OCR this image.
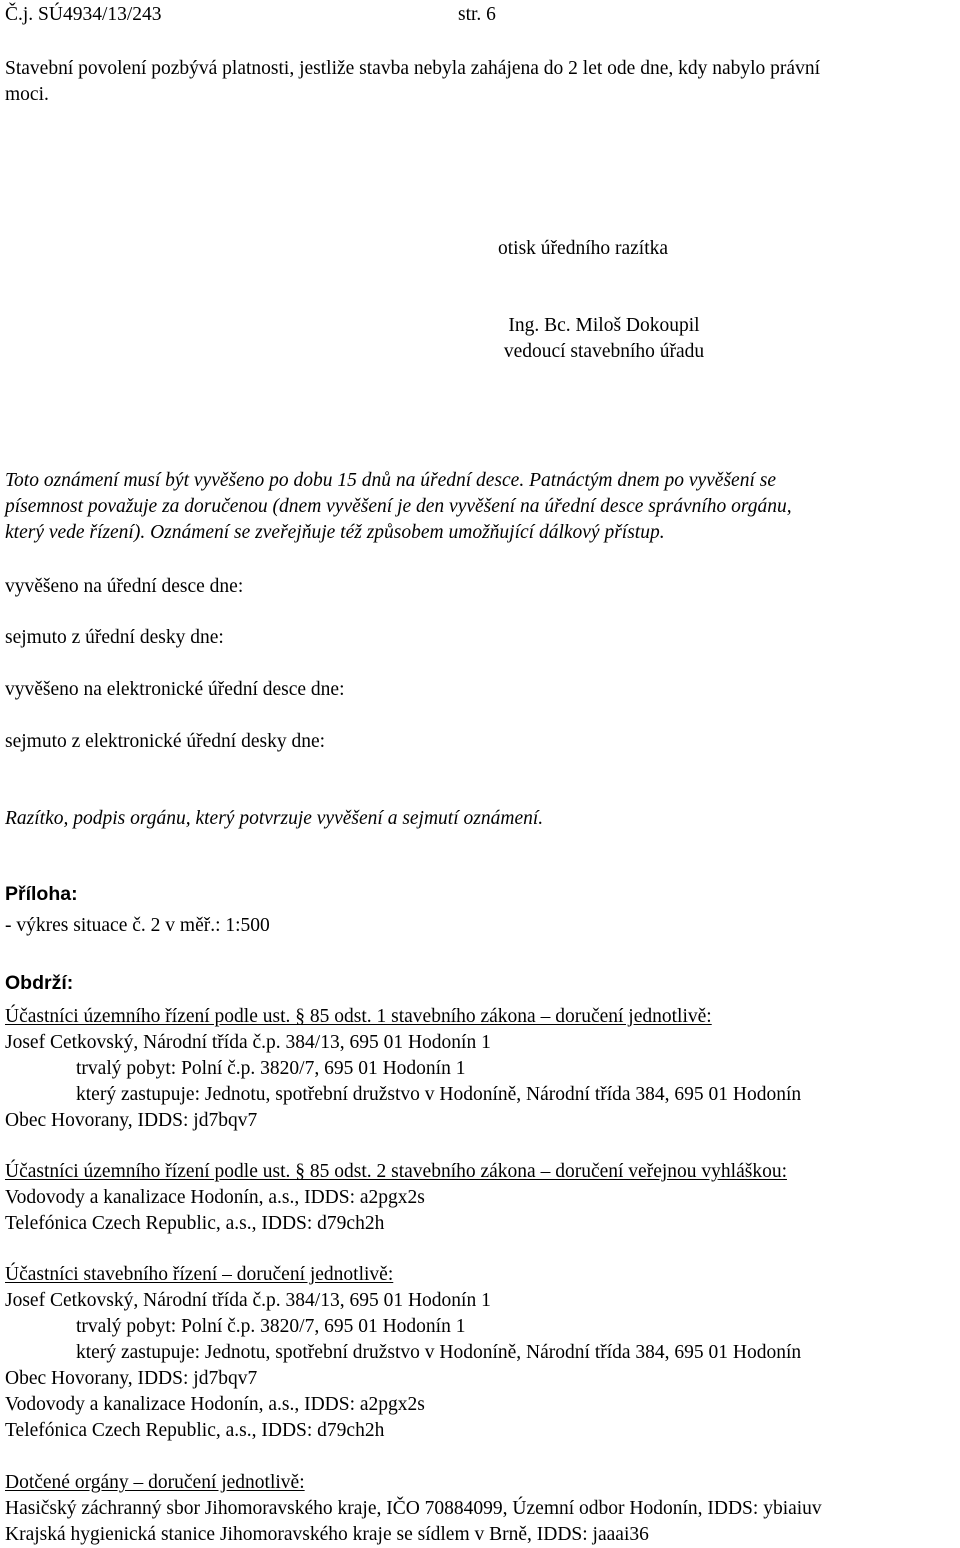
Č.j. SÚ4934/13/243	str. 6
Stavební povolení pozbývá platnosti, jestliže stavba nebyla zahájena do 2 let ode dne, kdy nabylo právní
moci.
otisk úředního razítka
Ing. Bc. Miloš Dokoupil
vedoucí stavebního úřadu
Toto oznámení musí být vyvěšeno po dobu 15 dnů na úřední desce. Patnáctým dnem po vyvěšení se
písemnost považuje za doručenou (dnem vyvěšení je den vyvěšení na úřední desce správního orgánu,
který vede řízení). Oznámení se zveřejňuje též způsobem umožňující dálkový přístup.
vyvěšeno na úřední desce dne:
sejmuto z úřední desky dne:
vyvěšeno na elektronické úřední desce dne:
sejmuto z elektronické úřední desky dne:
Razítko, podpis orgánu, který potvrzuje vyvěšení a sejmutí oznámení.
Příloha:
- výkres situace č. 2 v měř.: 1:500
Obdrží:
Účastníci územního řízení podle ust. § 85 odst. 1 stavebního zákona – doručení jednotlivě:
Josef Cetkovský, Národní třída č.p. 384/13, 695 01 Hodonín 1
trvalý pobyt: Polní č.p. 3820/7, 695 01 Hodonín 1
který zastupuje: Jednotu, spotřební družstvo v Hodoníně, Národní třída 384, 695 01 Hodonín
Obec Hovorany, IDDS: jd7bqv7
Účastníci územního řízení podle ust. § 85 odst. 2 stavebního zákona – doručení veřejnou vyhláškou:
Vodovody a kanalizace Hodonín, a.s., IDDS: a2pgx2s
Telefónica Czech Republic, a.s., IDDS: d79ch2h
Účastníci stavebního řízení – doručení jednotlivě:
Josef Cetkovský, Národní třída č.p. 384/13, 695 01 Hodonín 1
trvalý pobyt: Polní č.p. 3820/7, 695 01 Hodonín 1
který zastupuje: Jednotu, spotřební družstvo v Hodoníně, Národní třída 384, 695 01 Hodonín
Obec Hovorany, IDDS: jd7bqv7
Vodovody a kanalizace Hodonín, a.s., IDDS: a2pgx2s
Telefónica Czech Republic, a.s., IDDS: d79ch2h
Dotčené orgány – doručení jednotlivě:
Hasičský záchranný sbor Jihomoravského kraje, IČO 70884099, Územní odbor Hodonín, IDDS: ybiaiuv
Krajská hygienická stanice Jihomoravského kraje se sídlem v Brně, IDDS: jaaai36
